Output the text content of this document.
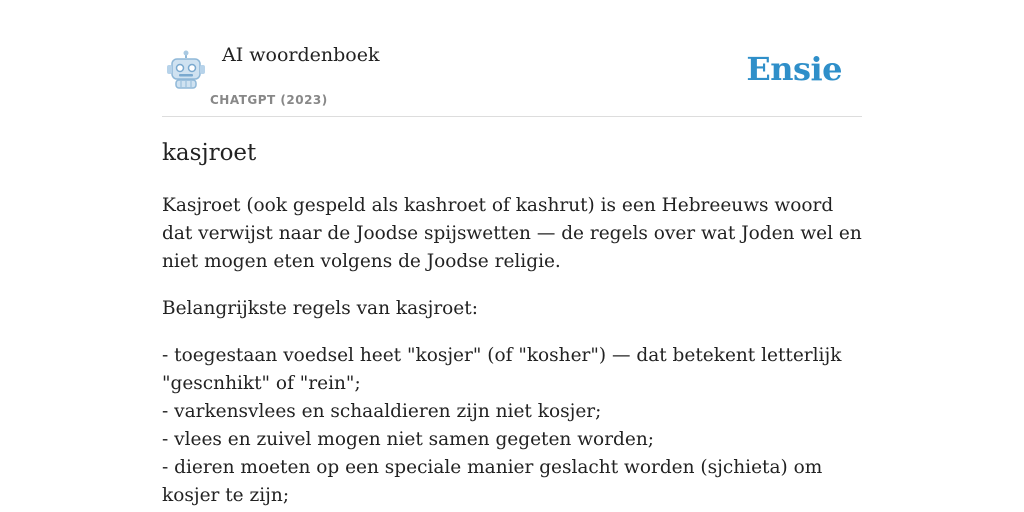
AI woordenboek
CHATGPT (2023)
Ensie
kasjroet

Kasjroet (ook gespeld als kashroet of kashrut) is een Hebreeuws woord dat verwijst naar de Joodse spijswetten — de regels over wat Joden wel en niet mogen eten volgens de Joodse religie.

Belangrijkste regels van kasjroet:

- toegestaan voedsel heet "kosjer" (of "kosher") — dat betekent letterlijk "gescnhikt" of "rein";
- varkensvlees en schaaldieren zijn niet kosjer;
- vlees en zuivel mogen niet samen gegeten worden;
- dieren moeten op een speciale manier geslacht worden (sjchieta) om kosjer te zijn;
